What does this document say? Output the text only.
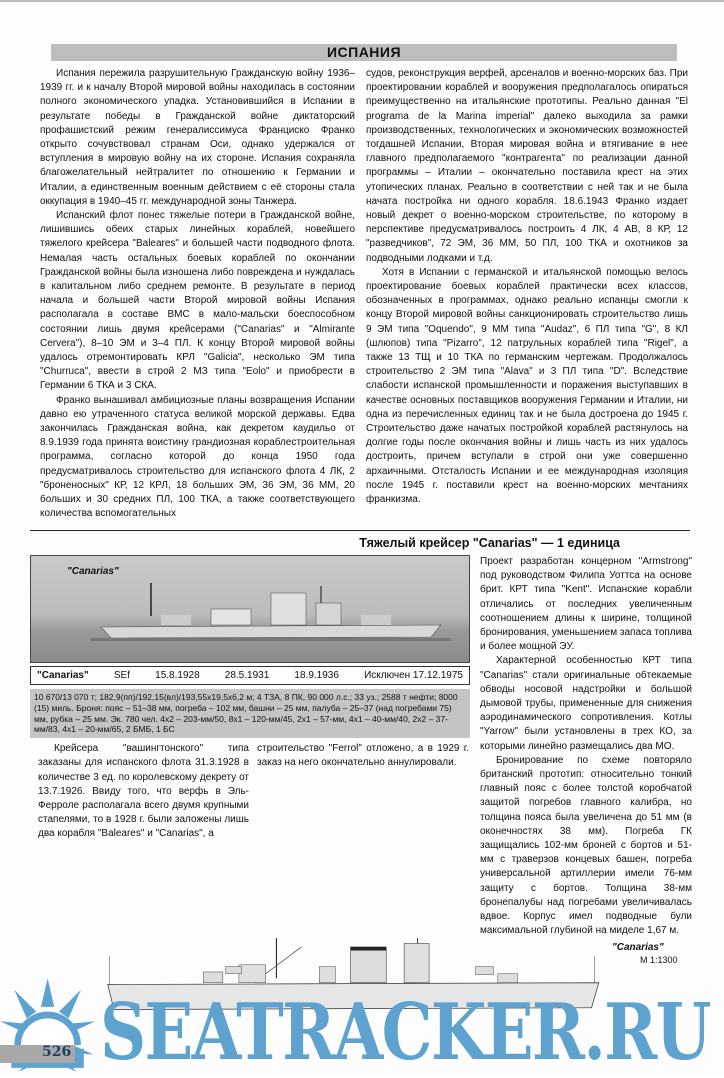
ИСПАНИЯ

Испания пережила разрушительную Гражданскую войну 1936–1939 гг. и к началу Второй мировой войны находилась в состоянии полного экономического упадка. Установившийся в Испании в результате победы в Гражданской войне диктаторский профашистский режим генералиссимуса Франциско Франко открыто сочувствовал странам Оси, однако удержался от вступления в мировую войну на их стороне. Испания сохраняла благожелательный нейтралитет по отношению к Германии и Италии, а единственным военным действием с её стороны стала оккупация в 1940–45 гг. международной зоны Танжера.

Испанский флот понес тяжелые потери в Гражданской войне, лишившись обеих старых линейных кораблей, новейшего тяжелого крейсера "Baleares" и большей части подводного флота. Немалая часть остальных боевых кораблей по окончании Гражданской войны была изношена либо повреждена и нуждалась в капитальном либо среднем ремонте. В результате в период начала и большей части Второй мировой войны Испания располагала в составе ВМС в мало-мальски боеспособном состоянии лишь двумя крейсерами ("Canarias" и "Almirante Cervera"), 8–10 ЭМ и 3–4 ПЛ. К концу Второй мировой войны удалось отремонтировать КРЛ "Galicia", несколько ЭМ типа "Churruca", ввести в строй 2 МЗ типа "Eolo" и приобрести в Германии 6 ТКА и 3 СКА.

Франко вынашивал амбициозные планы возвращения Испании давно ею утраченного статуса великой морской державы. Едва закончилась Гражданская война, как декретом каудильо от 8.9.1939 года принята воистину грандиозная кораблестроительная программа, согласно которой до конца 1950 года предусматривалось строительство для испанского флота 4 ЛК, 2 "броненосных" КР, 12 КРЛ, 18 больших ЭМ, 36 ЭМ, 36 ММ, 20 больших и 30 средних ПЛ, 100 ТКА, а также соответствующего количества вспомогательных

судов, реконструкция верфей, арсеналов и военно-морских баз. При проектировании кораблей и вооружения предполагалось опираться преимущественно на итальянские прототипы. Реально данная "El programa de la Marina imperial" далеко выходила за рамки производственных, технологических и экономических возможностей тогдашней Испании, Вторая мировая война и втягивание в нее главного предполагаемого "контрагента" по реализации данной программы – Италии – окончательно поставила крест на этих утопических планах. Реально в соответствии с ней так и не была начата постройка ни одного корабля. 18.6.1943 Франко издает новый декрет о военно-морском строительстве, по которому в перспективе предусматривалось построить 4 ЛК, 4 АВ, 8 КР, 12 "разведчиков", 72 ЭМ, 36 ММ, 50 ПЛ, 100 ТКА и охотников за подводными лодками и т.д.

Хотя в Испании с германской и итальянской помощью велось проектирование боевых кораблей практически всех классов, обозначенных в программах, однако реально испанцы смогли к концу Второй мировой войны санкционировать строительство лишь 9 ЭМ типа "Oquendo", 9 ММ типа "Audaz", 6 ПЛ типа "G", 8 КЛ (шлюпов) типа "Pizarro", 12 патрульных кораблей типа "Rigel", а также 13 ТЩ и 10 ТКА по германским чертежам. Продолжалось строительство 2 ЭМ типа "Alava" и 3 ПЛ типа "D". Вследствие слабости испанской промышленности и поражения выступавших в качестве основных поставщиков вооружения Германии и Италии, ни одна из перечисленных единиц так и не была достроена до 1945 г. Строительство даже начатых постройкой кораблей растянулось на долгие годы после окончания войны и лишь часть из них удалось достроить, причем вступали в строй они уже совершенно архаичными. Отсталость Испании и ее международная изоляция после 1945 г. поставили крест на военно-морских мечтаниях франкизма.

Тяжелый крейсер "Canarias" — 1 единица
"Canarias"
"Canarias"	SEf	15.8.1928	28.5.1931	18.9.1936	Исключен 17.12.1975
10 670/13 070 т; 182,9(пп)/192,15(вл)/193,55х19,5х6,2 м; 4 ТЗА, 8 ПК, 90 000 л.с.; 33 уз.; 2588 т нефти; 8000 (15) миль. Броня: пояс – 51–38 мм, погреба – 102 мм, башни – 25 мм, палуба – 25–37 (над погребами 75) мм, рубка – 25 мм. Эк. 780 чел. 4х2 – 203-мм/50, 8х1 – 120-мм/45, 2х1 – 57-мм, 4х1 – 40-мм/40, 2х2 – 37-мм/83, 4х1 – 20-мм/65, 2 БМБ, 1 БС

Крейсера "вашингтонского" типа заказаны для испанского флота 31.3.1928 в количестве 3 ед. по королевскому декрету от 13.7.1926. Ввиду того, что верфь в Эль-Ферроле располагала всего двумя крупными стапелями, то в 1928 г. были заложены лишь два корабля "Baleares" и "Canarias", а

строительство "Ferrol" отложено, а в 1929 г. заказ на него окончательно аннулировали.

Проект разработан концерном "Armstrong" под руководством Филипа Уоттса на основе брит. КРТ типа "Kent". Испанские корабли отличались от последних увеличенным соотношением длины к ширине, толщиной бронирования, уменьшением запаса топлива и более мощной ЭУ.

Характерной особенностью КРТ типа "Canarias" стали оригинальные обтекаемые обводы носовой надстройки и большой дымовой трубы, примененные для снижения аэродинамического сопротивления. Котлы "Yarrow" были установлены в трех КО, за которыми линейно размещались два МО.

Бронирование по схеме повторяло британский прототип: относительно тонкий главный пояс с более толстой коробчатой защитой погребов главного калибра, но толщина пояса была увеличена до 51 мм (в оконечностях 38 мм). Погреба ГК защищались 102-мм броней с бортов и 51-мм с траверзов концевых башен, погреба универсальной артиллерии имели 76-мм защиту с бортов. Толщина 38-мм бронепалубы над погребами увеличивалась вдвое. Корпус имел подводные були максимальной глубиной на миделе 1,67 м.

"Canarias"
M 1:1300
SEATRACKER.RU
526
